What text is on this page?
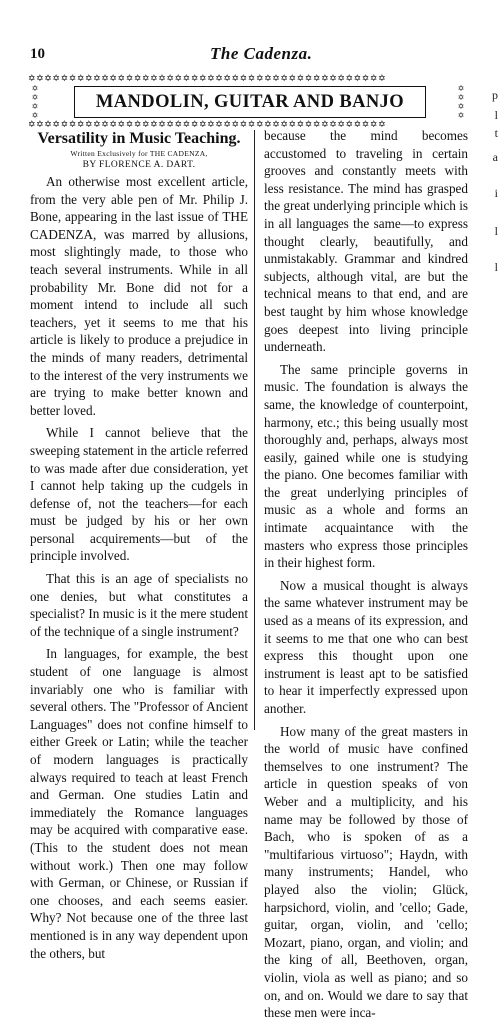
10	The Cadenza.
✡✡✡✡✡✡✡✡✡✡✡✡✡✡✡✡✡✡✡✡✡✡✡✡✡✡✡✡✡✡✡✡✡✡✡✡✡✡✡✡✡✡✡✡
✡
✡
✡
✡
MANDOLIN, GUITAR AND BANJO
✡
✡
✡
✡
✡✡✡✡✡✡✡✡✡✡✡✡✡✡✡✡✡✡✡✡✡✡✡✡✡✡✡✡✡✡✡✡✡✡✡✡✡✡✡✡✡✡✡✡
Versatility in Music Teaching.
Written Exclusively for THE CADENZA,
BY FLORENCE A. DART.

An otherwise most excellent article, from the very able pen of Mr. Philip J. Bone, appearing in the last issue of THE CADENZA, was marred by allusions, most slightingly made, to those who teach several instruments. While in all probability Mr. Bone did not for a moment intend to include all such teachers, yet it seems to me that his article is likely to produce a prejudice in the minds of many readers, detrimental to the interest of the very instruments we are trying to make better known and better loved.

While I cannot believe that the sweeping statement in the article referred to was made after due consideration, yet I cannot help taking up the cudgels in defense of, not the teachers—for each must be judged by his or her own personal acquirements—but of the principle involved.

That this is an age of specialists no one denies, but what constitutes a specialist? In music is it the mere student of the technique of a single instrument?

In languages, for example, the best student of one language is almost invariably one who is familiar with several others. The "Professor of Ancient Languages" does not confine himself to either Greek or Latin; while the teacher of modern languages is practically always required to teach at least French and German. One studies Latin and immediately the Romance languages may be acquired with comparative ease. (This to the student does not mean without work.) Then one may follow with German, or Chinese, or Russian if one chooses, and each seems easier. Why? Not because one of the three last mentioned is in any way dependent upon the others, but

because the mind becomes accustomed to traveling in certain grooves and constantly meets with less resistance. The mind has grasped the great underlying principle which is in all languages the same—to express thought clearly, beautifully, and unmistakably. Grammar and kindred subjects, although vital, are but the technical means to that end, and are best taught by him whose knowledge goes deepest into living principle underneath.

The same principle governs in music. The foundation is always the same, the knowledge of counterpoint, harmony, etc.; this being usually most thoroughly and, perhaps, always most easily, gained while one is studying the piano. One becomes familiar with the great underlying principles of music as a whole and forms an intimate acquaintance with the masters who express those principles in their highest form.

Now a musical thought is always the same whatever instrument may be used as a means of its expression, and it seems to me that one who can best express this thought upon one instrument is least apt to be satisfied to hear it imperfectly expressed upon another.

How many of the great masters in the world of music have confined themselves to one instrument? The article in question speaks of von Weber and a multiplicity, and his name may be followed by those of Bach, who is spoken of as a "multifarious virtuoso"; Haydn, with many instruments; Handel, who played also the violin; Glück, harpsichord, violin, and 'cello; Gade, guitar, organ, violin, and 'cello; Mozart, piano, organ, and violin; and the king of all, Beethoven, organ, violin, viola as well as piano; and so on, and on. Would we dare to say that these men were inca-

p
l
t
a
i
l
l
